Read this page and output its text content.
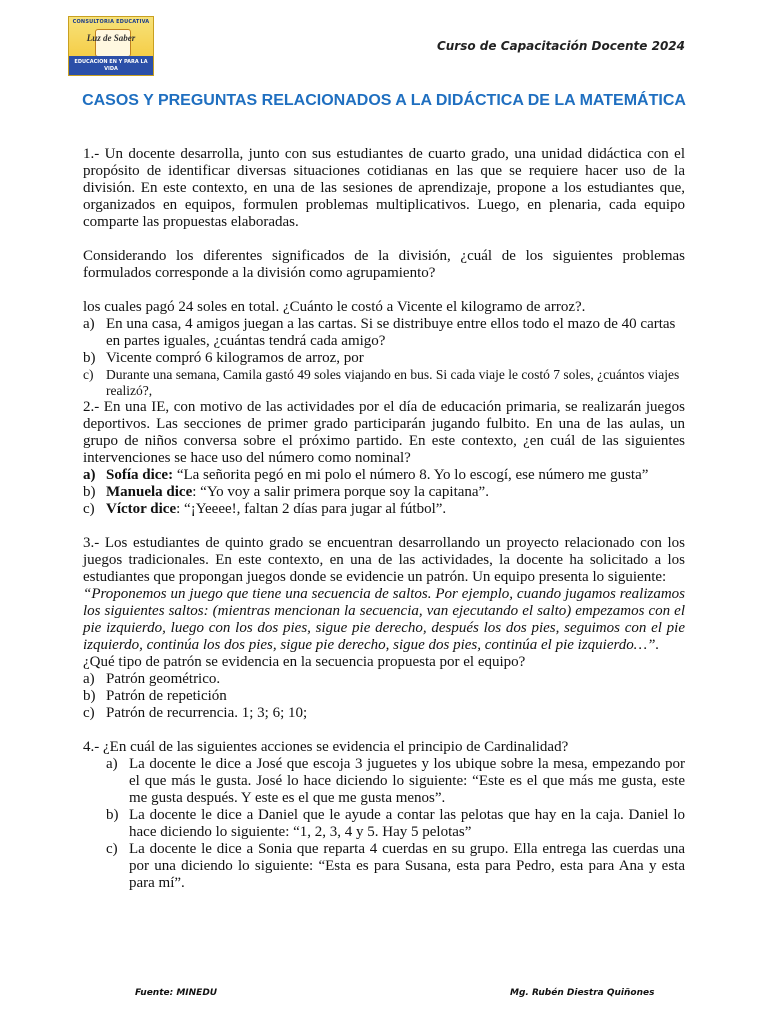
CONSULTORIA EDUCATIVA
Luz de Saber
EDUCACION EN Y PARA LA VIDA
Curso de Capacitación Docente 2024
CASOS Y PREGUNTAS RELACIONADOS A LA DIDÁCTICA DE LA MATEMÁTICA

1.- Un docente desarrolla, junto con sus estudiantes de cuarto grado, una unidad didáctica con el propósito de identificar diversas situaciones cotidianas en las que se requiere hacer uso de la división. En este contexto, en una de las sesiones de aprendizaje, propone a los estudiantes que, organizados en equipos, formulen problemas multiplicativos. Luego, en plenaria, cada equipo comparte las propuestas elaboradas.

Considerando los diferentes significados de la división, ¿cuál de los siguientes problemas formulados corresponde a la división como agrupamiento?

los cuales pagó 24 soles en total. ¿Cuánto le costó a Vicente el kilogramo de arroz?.

a) En una casa, 4 amigos juegan a las cartas. Si se distribuye entre ellos todo el mazo de 40 cartas en partes iguales, ¿cuántas tendrá cada amigo?
b) Vicente compró 6 kilogramos de arroz, por
c) Durante una semana, Camila gastó 49 soles viajando en bus. Si cada viaje le costó 7 soles, ¿cuántos viajes realizó?,

2.- En una IE, con motivo de las actividades por el día de educación primaria, se realizarán juegos deportivos. Las secciones de primer grado participarán jugando fulbito. En una de las aulas, un grupo de niños conversa sobre el próximo partido. En este contexto, ¿en cuál de las siguientes intervenciones se hace uso del número como nominal?

a) Sofía dice: “La señorita pegó en mi polo el número 8. Yo lo escogí, ese número me gusta”
b) Manuela dice: “Yo voy a salir primera porque soy la capitana”.
c) Víctor dice: “¡Yeeee!, faltan 2 días para jugar al fútbol”.

3.- Los estudiantes de quinto grado se encuentran desarrollando un proyecto relacionado con los juegos tradicionales. En este contexto, en una de las actividades, la docente ha solicitado a los estudiantes que propongan juegos donde se evidencie un patrón. Un equipo presenta lo siguiente:

“Proponemos un juego que tiene una secuencia de saltos. Por ejemplo, cuando jugamos realizamos los siguientes saltos: (mientras mencionan la secuencia, van ejecutando el salto) empezamos con el pie izquierdo, luego con los dos pies, sigue pie derecho, después los dos pies, seguimos con el pie izquierdo, continúa los dos pies, sigue pie derecho, sigue dos pies, continúa el pie izquierdo…”.

¿Qué tipo de patrón se evidencia en la secuencia propuesta por el equipo?

a) Patrón geométrico.
b) Patrón de repetición
c) Patrón de recurrencia. 1; 3; 6; 10;

4.- ¿En cuál de las siguientes acciones se evidencia el principio de Cardinalidad?

a) La docente le dice a José que escoja 3 juguetes y los ubique sobre la mesa, empezando por el que más le gusta. José lo hace diciendo lo siguiente: “Este es el que más me gusta, este me gusta después. Y este es el que me gusta menos”.
b) La docente le dice a Daniel que le ayude a contar las pelotas que hay en la caja. Daniel lo hace diciendo lo siguiente: “1, 2, 3, 4 y 5. Hay 5 pelotas”
c) La docente le dice a Sonia que reparta 4 cuerdas en su grupo. Ella entrega las cuerdas una por una diciendo lo siguiente: “Esta es para Susana, esta para Pedro, esta para Ana y esta para mí”.
Fuente: MINEDU	Mg. Rubén Diestra Quiñones
